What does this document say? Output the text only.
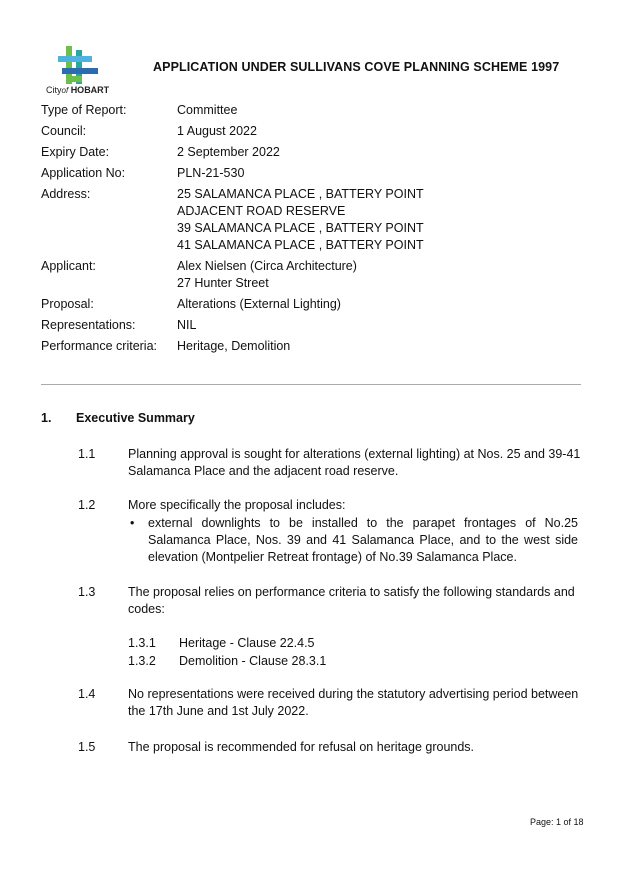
Cityof HOBART
APPLICATION UNDER SULLIVANS COVE PLANNING SCHEME 1997
Type of Report:	Committee
Council:	1 August 2022
Expiry Date:	2 September 2022
Application No:	PLN-21-530
Address:	25 SALAMANCA PLACE , BATTERY POINT
ADJACENT ROAD RESERVE
39 SALAMANCA PLACE , BATTERY POINT
41 SALAMANCA PLACE , BATTERY POINT
Applicant:	Alex Nielsen (Circa Architecture)
27 Hunter Street
Proposal:	Alterations (External Lighting)
Representations:	NIL
Performance criteria:	Heritage, Demolition
1. Executive Summary
1.1	Planning approval is sought for alterations (external lighting) at Nos. 25 and 39-41 Salamanca Place and the adjacent road reserve.
1.2	More specifically the proposal includes:
• external downlights to be installed to the parapet frontages of No.25 Salamanca Place, Nos. 39 and 41 Salamanca Place, and to the west side elevation (Montpelier Retreat frontage) of No.39 Salamanca Place.
1.3	The proposal relies on performance criteria to satisfy the following standards and codes:
1.3.1 Heritage - Clause 22.4.5
1.3.2 Demolition - Clause 28.3.1
1.4	No representations were received during the statutory advertising period between the 17th June and 1st July 2022.
1.5	The proposal is recommended for refusal on heritage grounds.
Page: 1 of 18
